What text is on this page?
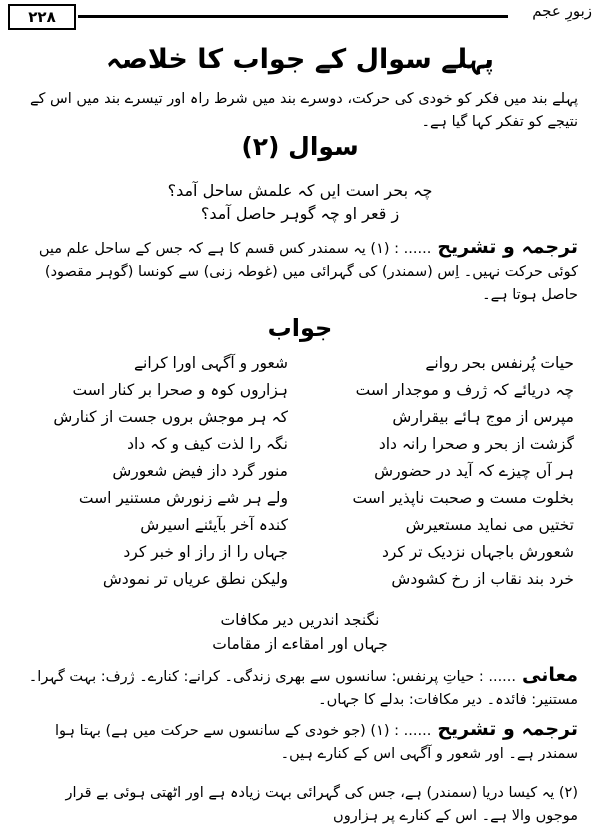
۲۲۸	زبورِ عجم
پہلے سوال کے جواب کا خلاصہ
پہلے بند میں فکر کو خودی کی حرکت، دوسرے بند میں شرط راہ اور تیسرے بند میں اس کے نتیجے کو تفکر کہا گیا ہے۔
سوال (۲)
چہ بحر است ایں کہ علمش ساحل آمد؟
ز قعر او چہ گوہر حاصل آمد؟
ترجمہ و تشریح...... : (۱) یہ سمندر کس قسم کا ہے کہ جس کے ساحل علم میں کوئی حرکت نہیں۔ اِس (سمندر) کی گہرائی میں (غوطہ زنی) سے کونسا (گوہر مقصود) حاصل ہوتا ہے۔
جواب
حیات پُرنفس بحر روانے
شعور و آگہی اورا کرانے
چہ دریائے کہ ژرف و موجدار است
ہزاروں کوہ و صحرا بر کنار است
مپرس از موج ہائے بیقرارش
کہ ہر موجش بروں جست از کنارش
گزشت از بحر و صحرا رانہ داد
نگہ را لذت کیف و کہ داد
ہر آں چیزے کہ آید در حضورش
منور گرد داز فیض شعورش
بخلوت مست و صحبت ناپذیر است
ولے ہر شے زنورش مستنیر است
تختیں می نماید مستعیرش
کندہ آخر بآیئنے اسیرش
شعورش باجہاں نزدیک تر کرد
جہاں را از راز او خبر کرد
خرد بند نقاب از رخ کشودش
ولیکن نطق عریاں تر نمودش
نگنجد اندریں دیر مکافات
جہاں اور امقاءے از مقامات
معانی...... : حیاتِ پرنفس: سانسوں سے بھری زندگی۔ کرانے: کنارے۔ ژرف: بہت گہرا۔ مستنیر: فائدہ۔ دیر مکافات: بدلے کا جہاں۔
ترجمہ و تشریح...... : (۱) (جو خودی کے سانسوں سے حرکت میں ہے) بہتا ہوا سمندر ہے۔ اور شعور و آگہی اس کے کنارے ہیں۔
(۲) یہ کیسا دریا (سمندر) ہے، جس کی گہرائی بہت زیادہ ہے اور اٹھتی ہوئی بے قرار موجوں والا ہے۔ اس کے کنارے پر ہزاروں
